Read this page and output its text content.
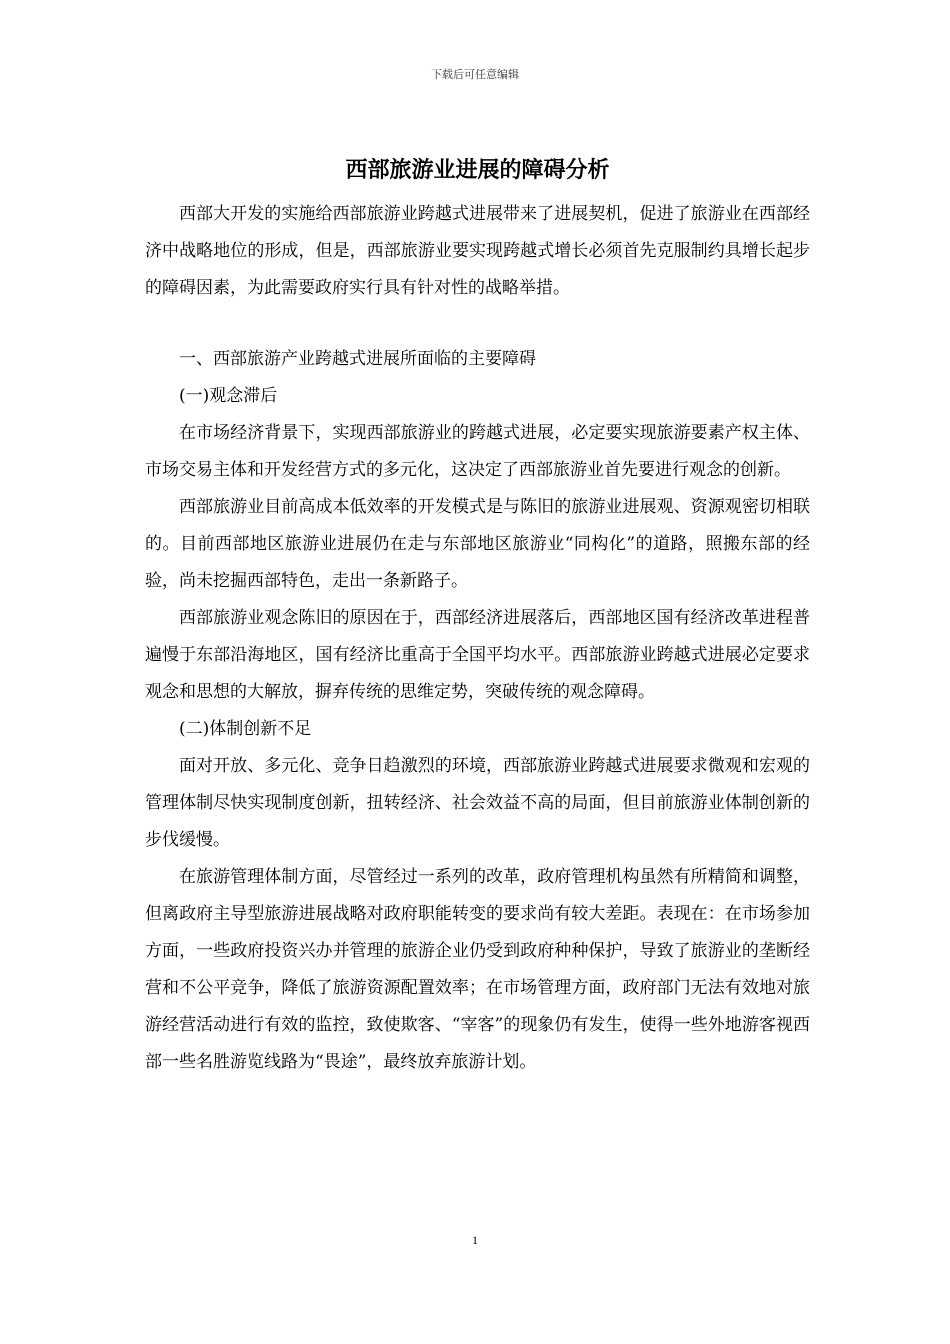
下载后可任意编辑
西部旅游业进展的障碍分析

西部大开发的实施给西部旅游业跨越式进展带来了进展契机，促进了旅游业在西部经济中战略地位的形成，但是，西部旅游业要实现跨越式增长必须首先克服制约具增长起步的障碍因素，为此需要政府实行具有针对性的战略举措。

一、西部旅游产业跨越式进展所面临的主要障碍

(一)观念滞后

在市场经济背景下，实现西部旅游业的跨越式进展，必定要实现旅游要素产权主体、市场交易主体和开发经营方式的多元化，这决定了西部旅游业首先要进行观念的创新。

西部旅游业目前高成本低效率的开发模式是与陈旧的旅游业进展观、资源观密切相联的。目前西部地区旅游业进展仍在走与东部地区旅游业“同构化”的道路，照搬东部的经验，尚未挖掘西部特色，走出一条新路子。

西部旅游业观念陈旧的原因在于，西部经济进展落后，西部地区国有经济改革进程普遍慢于东部沿海地区，国有经济比重高于全国平均水平。西部旅游业跨越式进展必定要求观念和思想的大解放，摒弃传统的思维定势，突破传统的观念障碍。

(二)体制创新不足

面对开放、多元化、竞争日趋激烈的环境，西部旅游业跨越式进展要求微观和宏观的管理体制尽快实现制度创新，扭转经济、社会效益不高的局面，但目前旅游业体制创新的步伐缓慢。

在旅游管理体制方面，尽管经过一系列的改革，政府管理机构虽然有所精简和调整，但离政府主导型旅游进展战略对政府职能转变的要求尚有较大差距。表现在：在市场参加方面，一些政府投资兴办并管理的旅游企业仍受到政府种种保护，导致了旅游业的垄断经营和不公平竞争，降低了旅游资源配置效率；在市场管理方面，政府部门无法有效地对旅游经营活动进行有效的监控，致使欺客、“宰客”的现象仍有发生，使得一些外地游客视西部一些名胜游览线路为“畏途”，最终放弃旅游计划。

1
